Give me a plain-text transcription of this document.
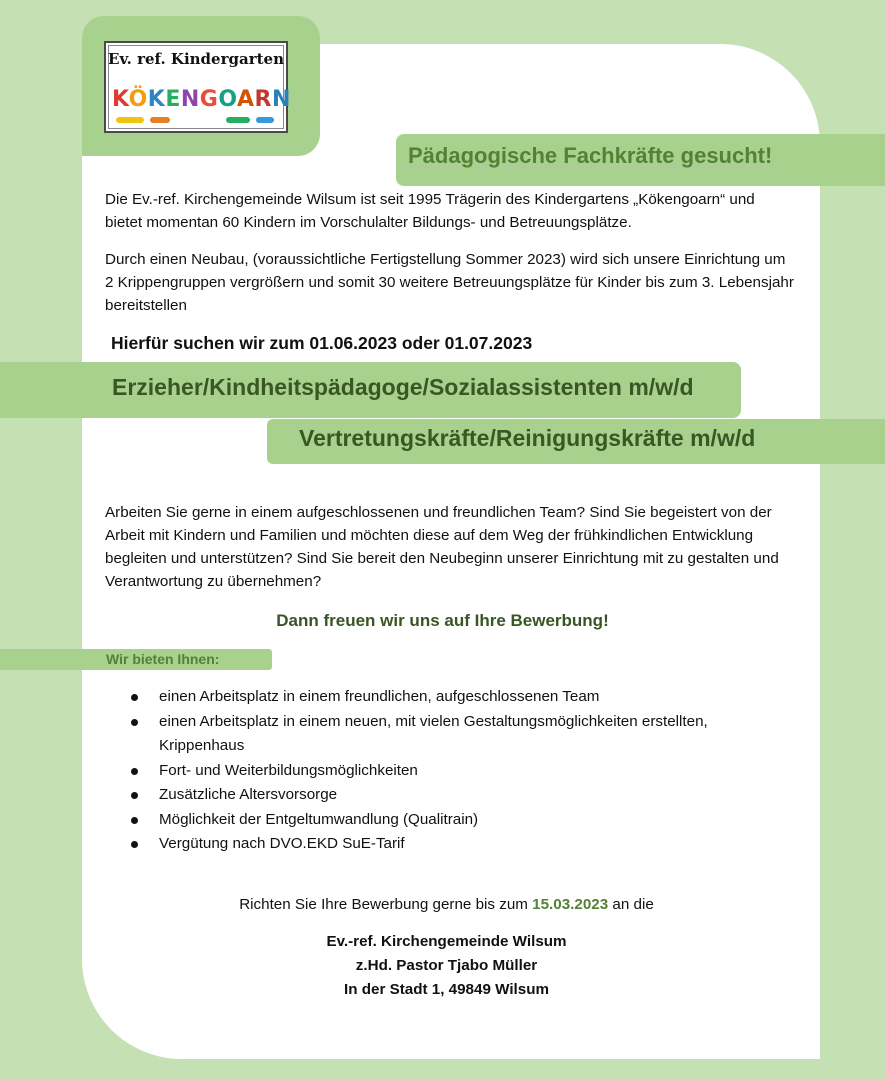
Ev. ref. Kindergarten
KÖKENGOARN
Pädagogische Fachkräfte gesucht!

Die Ev.-ref. Kirchengemeinde Wilsum ist seit 1995 Trägerin des Kindergartens „Kökengoarn“ und bietet momentan 60 Kindern im Vorschulalter Bildungs- und Betreuungsplätze.

Durch einen Neubau, (voraussichtliche Fertigstellung Sommer 2023) wird sich unsere Einrichtung um 2 Krippengruppen vergrößern und somit 30 weitere Betreuungsplätze für Kinder bis zum 3. Lebensjahr bereitstellen

Hierfür suchen wir zum 01.06.2023 oder 01.07.2023
Erzieher/Kindheitspädagoge/Sozialassistenten m/w/d
Vertretungskräfte/Reinigungskräfte m/w/d

Arbeiten Sie gerne in einem aufgeschlossenen und freundlichen Team? Sind Sie begeistert von der Arbeit mit Kindern und Familien und möchten diese auf dem Weg der frühkindlichen Entwicklung begleiten und unterstützen? Sind Sie bereit den Neubeginn unserer Einrichtung mit zu gestalten und Verantwortung zu übernehmen?

Dann freuen wir uns auf Ihre Bewerbung!
Wir bieten Ihnen:
einen Arbeitsplatz in einem freundlichen, aufgeschlossenen Team
einen Arbeitsplatz in einem neuen, mit vielen Gestaltungsmöglichkeiten erstellten, Krippenhaus
Fort- und Weiterbildungsmöglichkeiten
Zusätzliche Altersvorsorge
Möglichkeit der Entgeltumwandlung (Qualitrain)
Vergütung nach DVO.EKD SuE-Tarif
Richten Sie Ihre Bewerbung gerne bis zum 15.03.2023 an die
Ev.-ref. Kirchengemeinde Wilsum
z.Hd. Pastor Tjabo Müller
In der Stadt 1, 49849 Wilsum
